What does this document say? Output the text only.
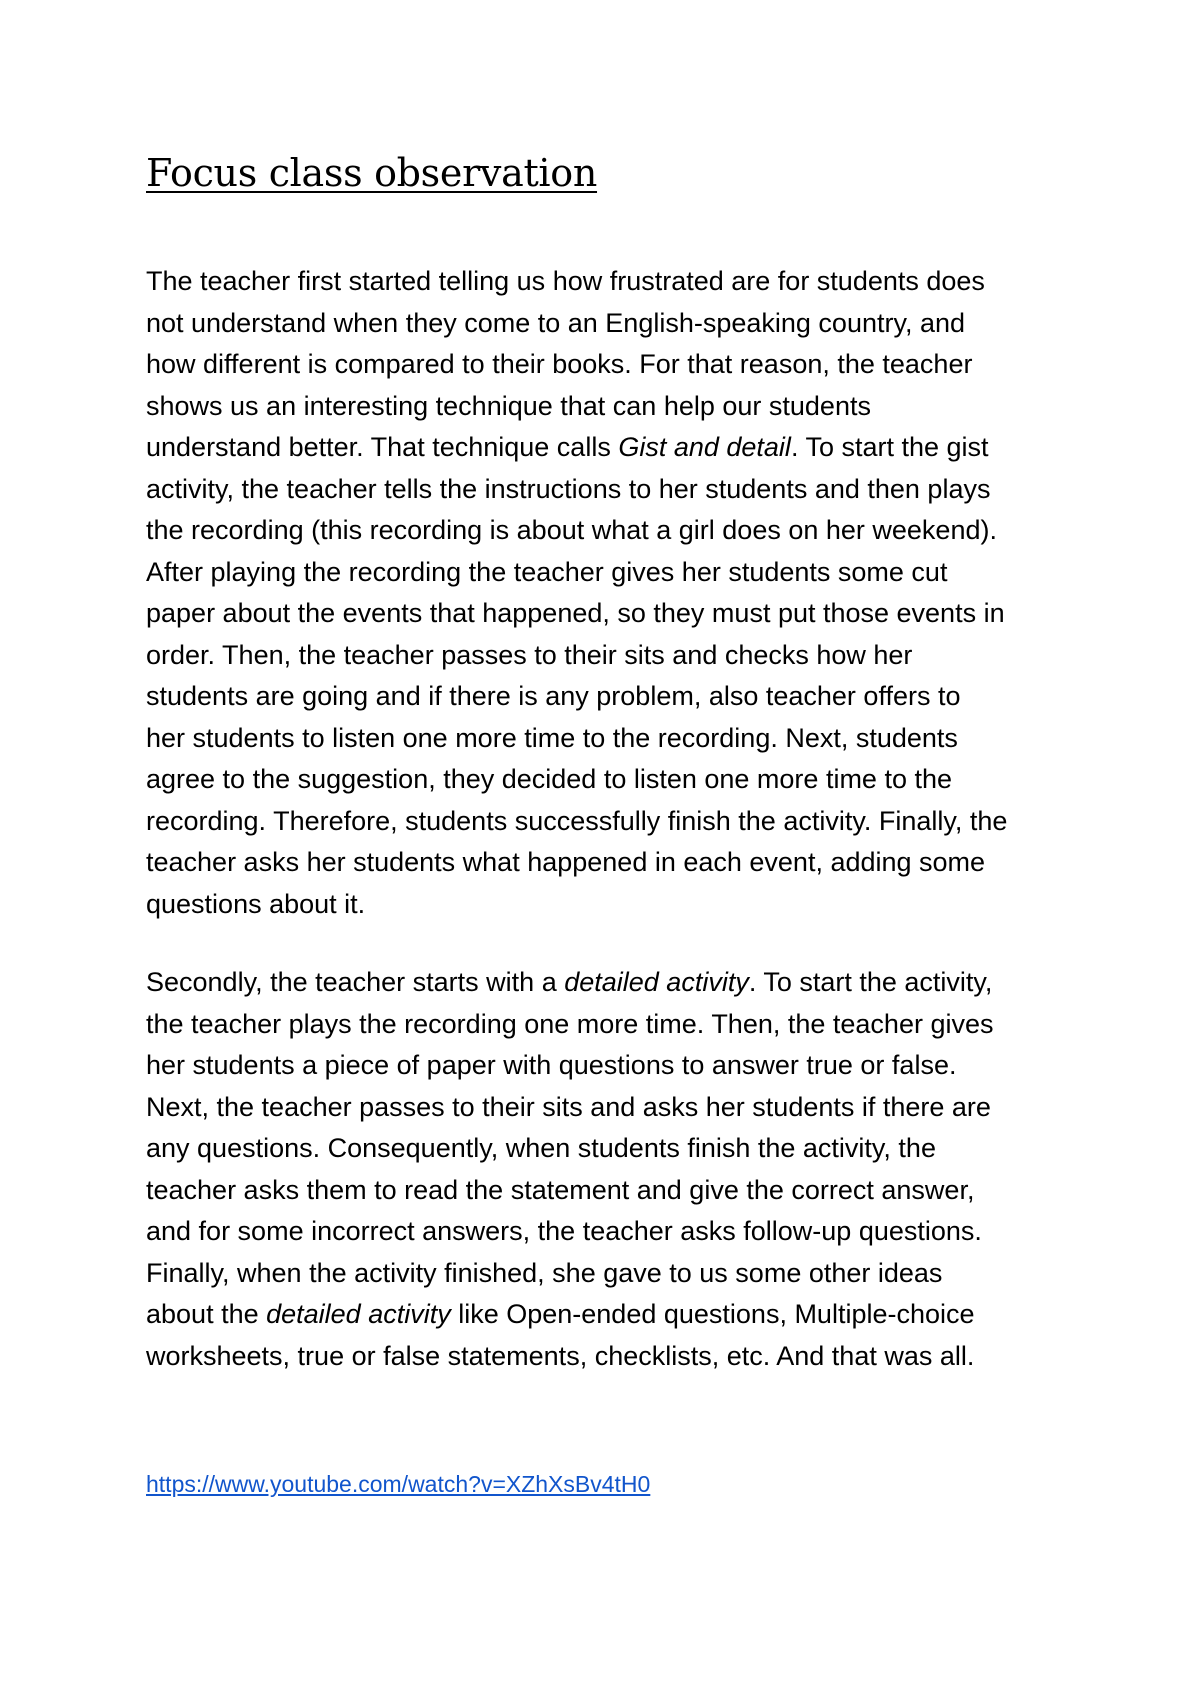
Focus class observation
The teacher first started telling us how frustrated are for students does
not understand when they come to an English-speaking country, and
how different is compared to their books. For that reason, the teacher
shows us an interesting technique that can help our students
understand better. That technique calls Gist and detail. To start the gist
activity, the teacher tells the instructions to her students and then plays
the recording (this recording is about what a girl does on her weekend).
After playing the recording the teacher gives her students some cut
paper about the events that happened, so they must put those events in
order. Then, the teacher passes to their sits and checks how her
students are going and if there is any problem, also teacher offers to
her students to listen one more time to the recording. Next, students
agree to the suggestion, they decided to listen one more time to the
recording. Therefore, students successfully finish the activity. Finally, the
teacher asks her students what happened in each event, adding some
questions about it.
Secondly, the teacher starts with a detailed activity. To start the activity,
the teacher plays the recording one more time. Then, the teacher gives
her students a piece of paper with questions to answer true or false.
Next, the teacher passes to their sits and asks her students if there are
any questions. Consequently, when students finish the activity, the
teacher asks them to read the statement and give the correct answer,
and for some incorrect answers, the teacher asks follow-up questions.
Finally, when the activity finished, she gave to us some other ideas
about the detailed activity like Open-ended questions, Multiple-choice
worksheets, true or false statements, checklists, etc. And that was all.
https://www.youtube.com/watch?v=XZhXsBv4tH0
